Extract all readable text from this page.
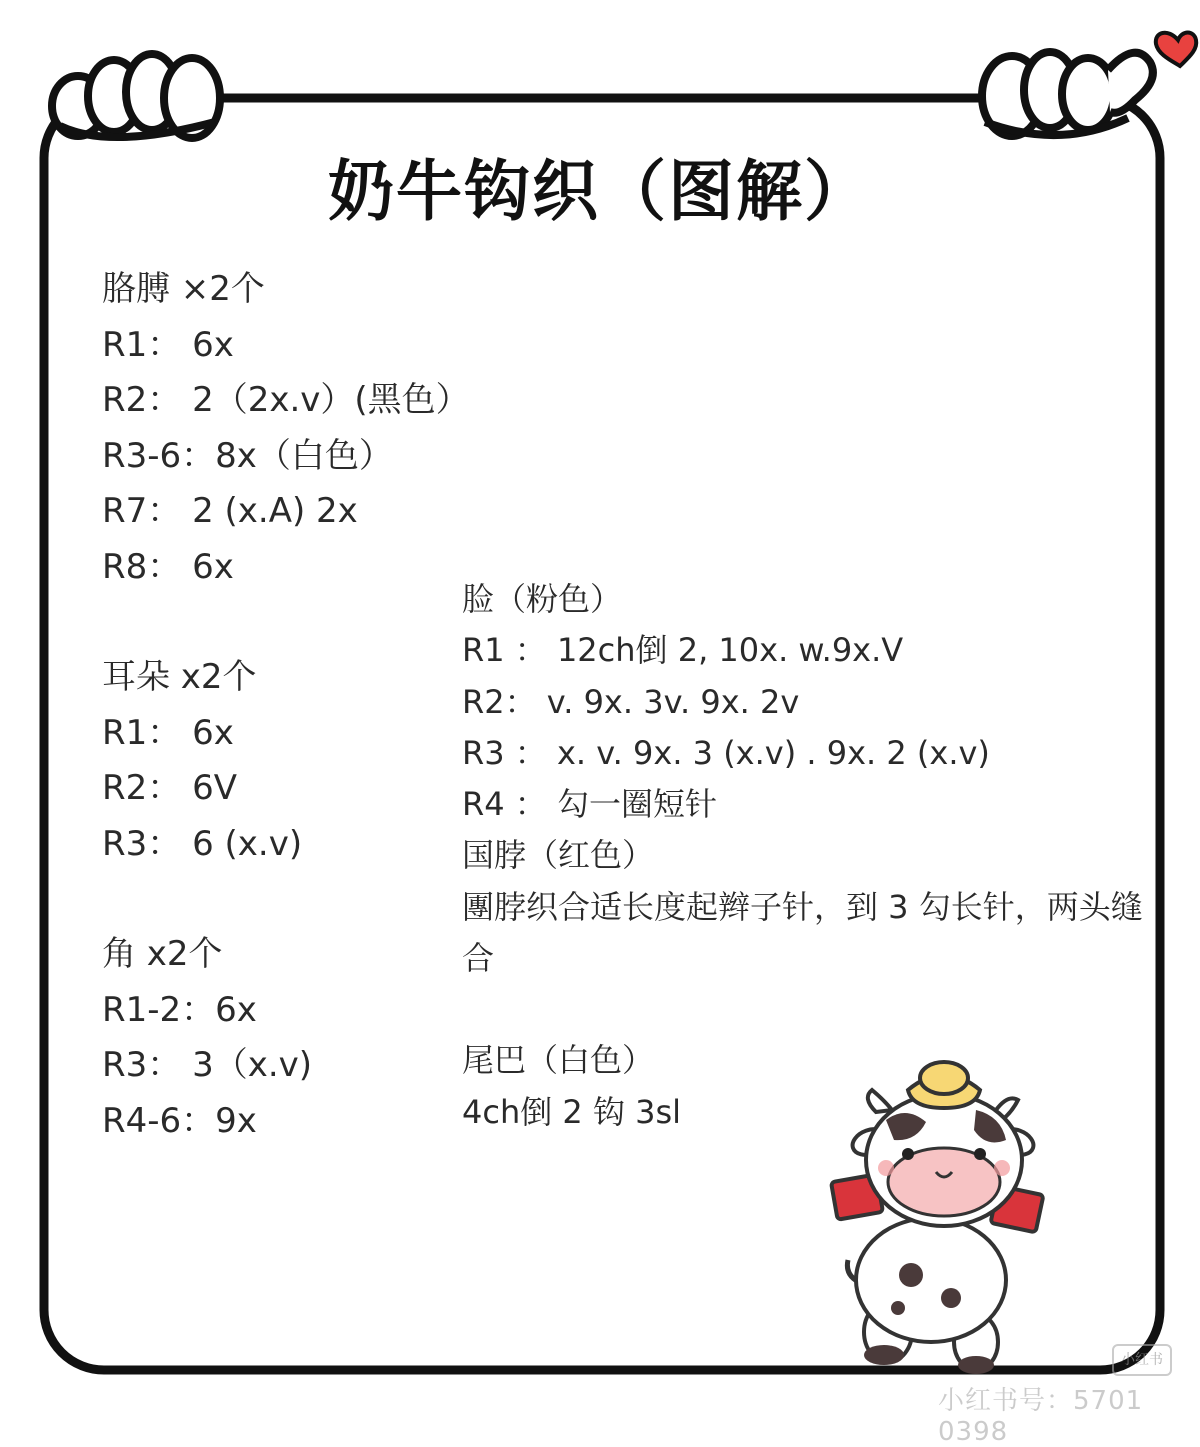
奶牛钩织（图解）
胳膊 ×2个
R1： 6x
R2： 2（2x.v）(黑色）
R3-6：8x（白色）
R7： 2 (x.A) 2x
R8： 6x
耳朵 x2个
R1： 6x
R2： 6V
R3： 6 (x.v)
角 x2个
R1-2：6x
R3： 3（x.v)
R4-6：9x
脸（粉色）
R1 ： 12ch倒 2, 10x. w.9x.V
R2： v. 9x. 3v. 9x. 2v
R3 ： x. v. 9x. 3 (x.v) . 9x. 2 (x.v)
R4 ： 勾一圈短针
国脖（红色）
團脖织合适长度起辫子针，到 3 勾长针，两头缝合
尾巴（白色）
4ch倒 2 钩 3sl
小红书
小红书号：5701 0398
